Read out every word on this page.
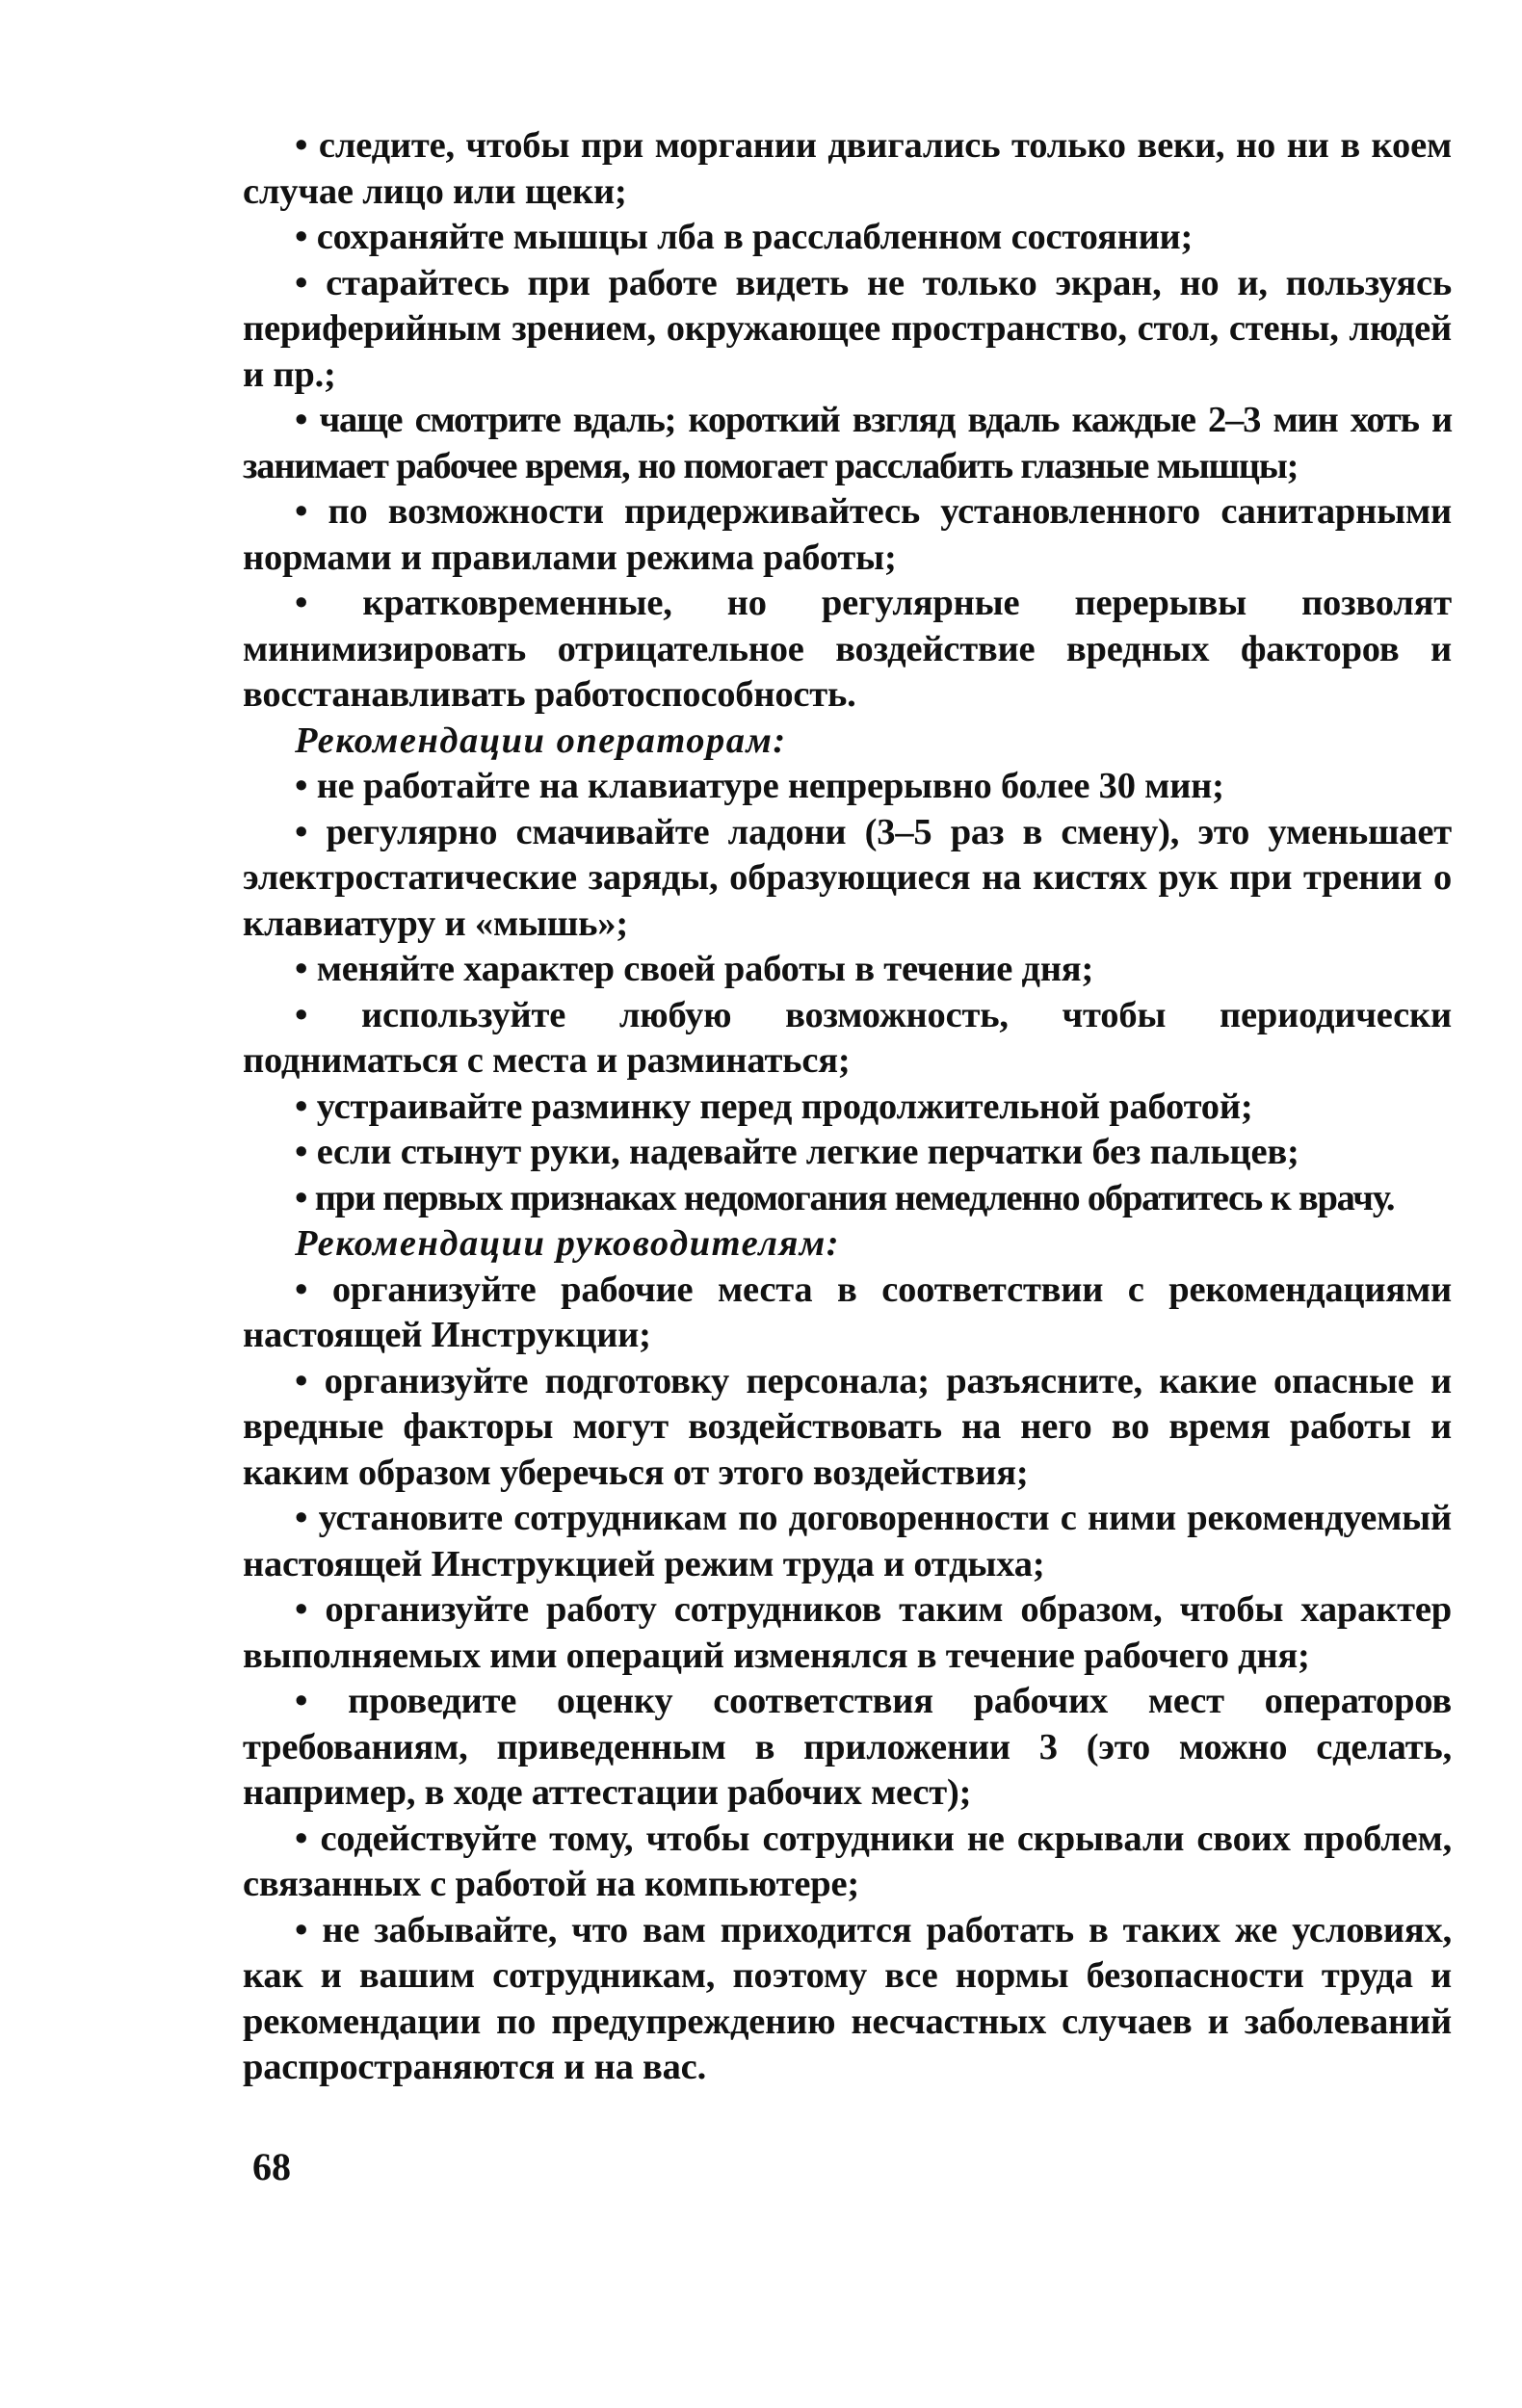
• следите, чтобы при моргании двигались только веки, но ни в коем случае лицо или щеки;

• сохраняйте мышцы лба в расслабленном состоянии;

• старайтесь при работе видеть не только экран, но и, пользуясь периферийным зрением, окружающее пространство, стол, стены, людей и пр.;

• чаще смотрите вдаль; короткий взгляд вдаль каждые 2–3 мин хоть и занимает рабочее время, но помогает расслабить глазные мышцы;

• по возможности придерживайтесь установленного санитарными нормами и правилами режима работы;

• кратковременные, но регулярные перерывы позволят минимизировать отрицательное воздействие вредных факторов и восстанавливать работоспособность.

Рекомендации операторам:

• не работайте на клавиатуре непрерывно более 30 мин;

• регулярно смачивайте ладони (3–5 раз в смену), это уменьшает электростатические заряды, образующиеся на кистях рук при трении о клавиатуру и «мышь»;

• меняйте характер своей работы в течение дня;

• используйте любую возможность, чтобы периодически подниматься с места и разминаться;

• устраивайте разминку перед продолжительной работой;

• если стынут руки, надевайте легкие перчатки без пальцев;

• при первых признаках недомогания немедленно обратитесь к врачу.

Рекомендации руководителям:

• организуйте рабочие места в соответствии с рекомендациями настоящей Инструкции;

• организуйте подготовку персонала; разъясните, какие опасные и вредные факторы могут воздействовать на него во время работы и каким образом уберечься от этого воздействия;

• установите сотрудникам по договоренности с ними рекомендуемый настоящей Инструкцией режим труда и отдыха;

• организуйте работу сотрудников таким образом, чтобы характер выполняемых ими операций изменялся в течение рабочего дня;

• проведите оценку соответствия рабочих мест операторов требованиям, приведенным в приложении 3 (это можно сделать, например, в ходе аттестации рабочих мест);

• содействуйте тому, чтобы сотрудники не скрывали своих проблем, связанных с работой на компьютере;

• не забывайте, что вам приходится работать в таких же условиях, как и вашим сотрудникам, поэтому все нормы безопасности труда и рекомендации по предупреждению несчастных случаев и заболеваний распространяются и на вас.

68
